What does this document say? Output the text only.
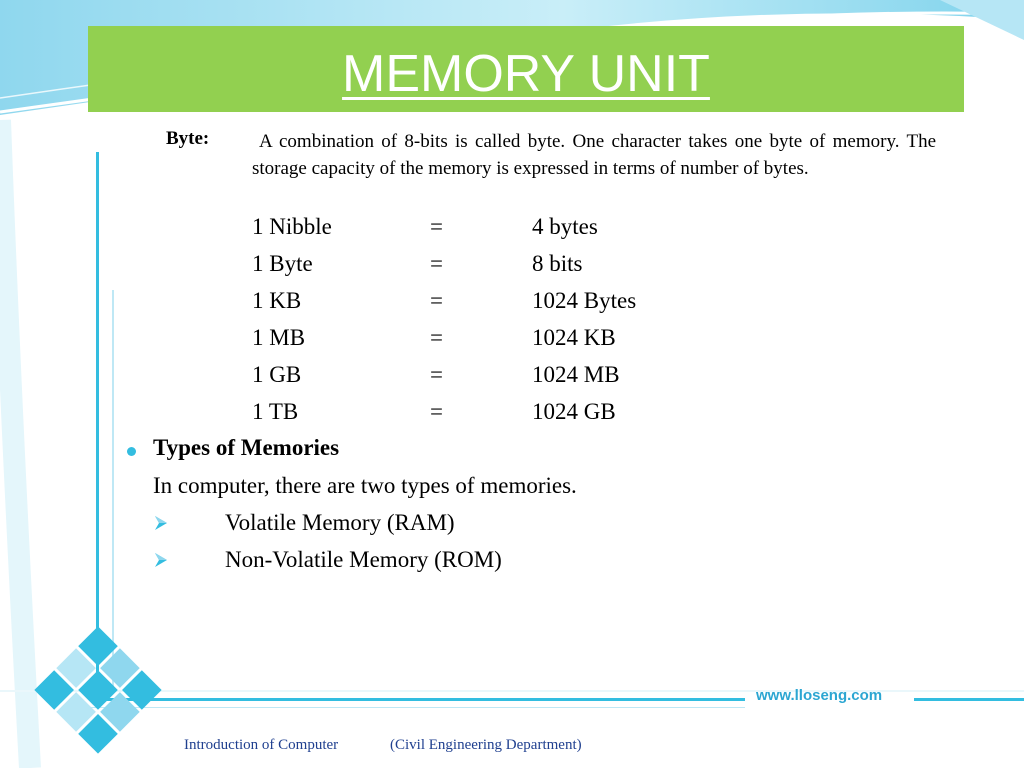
MEMORY UNIT
Byte:	A combination of 8-bits is called byte. One character takes one byte of memory. The storage capacity of the memory is expressed in terms of number of bytes.
1 Nibble	=	4 bytes
1 Byte	=	8 bits
1 KB	=	1024 Bytes
1 MB	=	1024 KB
1 GB	=	1024 MB
1 TB	=	1024 GB
Types of Memories
In computer, there are two types of memories.
Volatile Memory (RAM)
Non-Volatile Memory (ROM)
www.lloseng.com
Introduction of Computer	(Civil Engineering Department)
